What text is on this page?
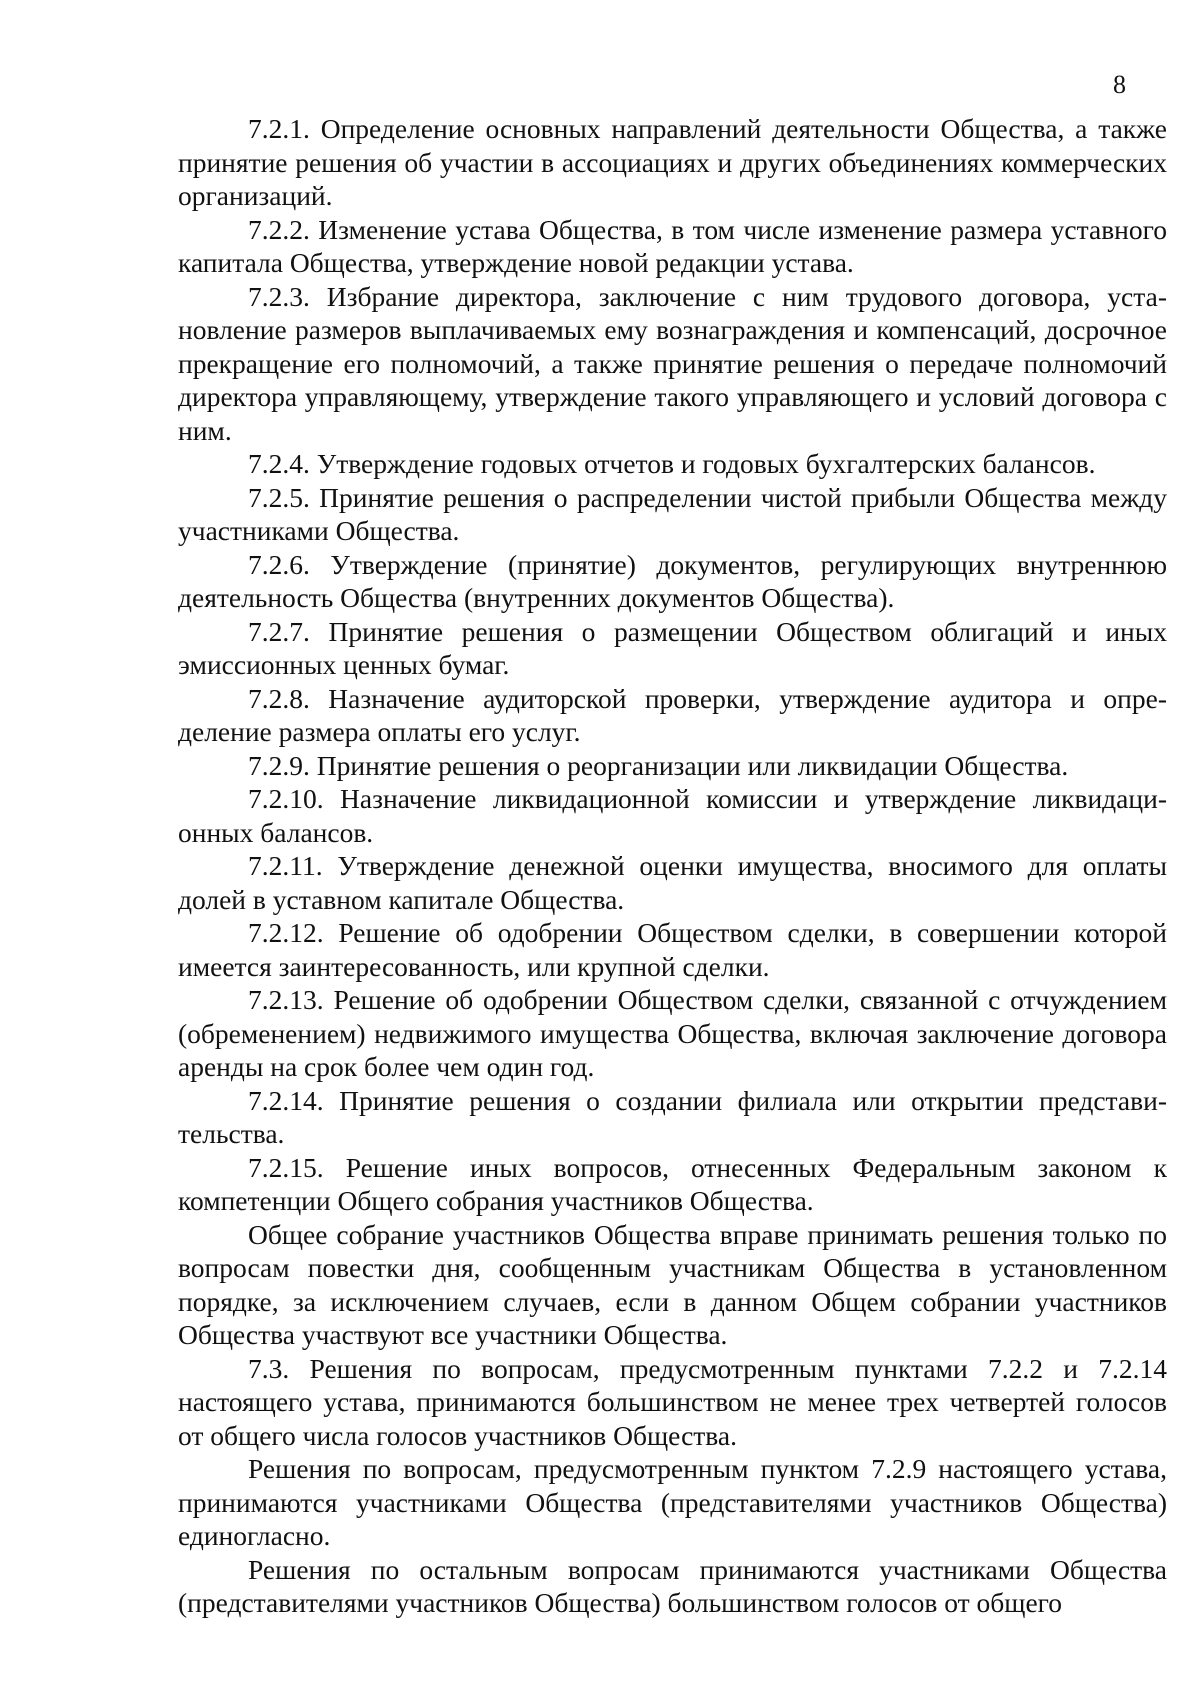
8

7.2.1. Определение основных направлений деятельности Общества, а также принятие решения об участии в ассоциациях и других объединениях коммерческих организаций.

7.2.2. Изменение устава Общества, в том числе изменение размера уставного капитала Общества, утверждение новой редакции устава.

7.2.3. Избрание директора, заключение с ним трудового договора, установление размеров выплачиваемых ему вознаграждения и компенсаций, досрочное прекращение его полномочий, а также принятие решения о передаче полномочий директора управляющему, утверждение такого управляющего и условий договора с ним.

7.2.4. Утверждение годовых отчетов и годовых бухгалтерских балансов.

7.2.5. Принятие решения о распределении чистой прибыли Общества между участниками Общества.

7.2.6. Утверждение (принятие) документов, регулирующих внутреннюю деятельность Общества (внутренних документов Общества).

7.2.7. Принятие решения о размещении Обществом облигаций и иных эмиссионных ценных бумаг.

7.2.8. Назначение аудиторской проверки, утверждение аудитора и определение размера оплаты его услуг.

7.2.9. Принятие решения о реорганизации или ликвидации Общества.

7.2.10. Назначение ликвидационной комиссии и утверждение ликвидационных балансов.

7.2.11. Утверждение денежной оценки имущества, вносимого для оплаты долей в уставном капитале Общества.

7.2.12. Решение об одобрении Обществом сделки, в совершении которой имеется заинтересованность, или крупной сделки.

7.2.13. Решение об одобрении Обществом сделки, связанной с отчуждением (обременением) недвижимого имущества Общества, включая заключение договора аренды на срок более чем один год.

7.2.14. Принятие решения о создании филиала или открытии представительства.

7.2.15. Решение иных вопросов, отнесенных Федеральным законом к компетенции Общего собрания участников Общества.

Общее собрание участников Общества вправе принимать решения только по вопросам повестки дня, сообщенным участникам Общества в установленном порядке, за исключением случаев, если в данном Общем собрании участников Общества участвуют все участники Общества.

7.3. Решения по вопросам, предусмотренным пунктами 7.2.2 и 7.2.14 настоящего устава, принимаются большинством не менее трех четвертей голосов от общего числа голосов участников Общества.

Решения по вопросам, предусмотренным пунктом 7.2.9 настоящего устава, принимаются участниками Общества (представителями участников Общества) единогласно.

Решения по остальным вопросам принимаются участниками Общества (представителями участников Общества) большинством голосов от общего
